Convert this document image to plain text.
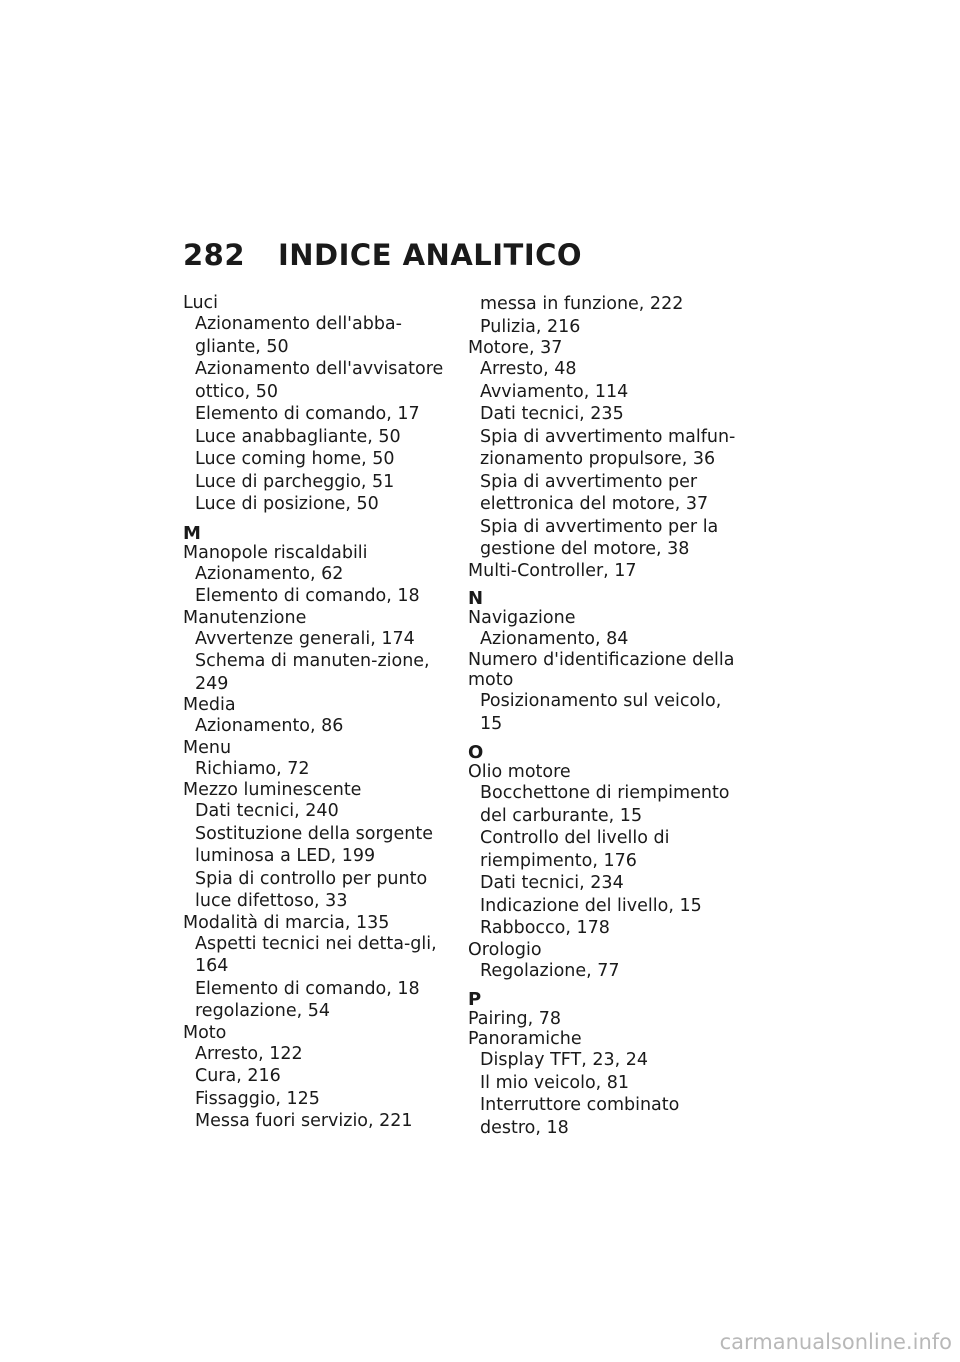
282	INDICE ANALITICO
Luci
Azionamento dell'abba-gliante, 50
Azionamento dell'avvisatore ottico, 50
Elemento di comando, 17
Luce anabbagliante, 50
Luce coming home, 50
Luce di parcheggio, 51
Luce di posizione, 50
M
Manopole riscaldabili
Azionamento, 62
Elemento di comando, 18
Manutenzione
Avvertenze generali, 174
Schema di manuten-zione, 249
Media
Azionamento, 86
Menu
Richiamo, 72
Mezzo luminescente
Dati tecnici, 240
Sostituzione della sorgente luminosa a LED, 199
Spia di controllo per punto luce difettoso, 33
Modalità di marcia, 135
Aspetti tecnici nei detta-gli, 164
Elemento di comando, 18
regolazione, 54
Moto
Arresto, 122
Cura, 216
Fissaggio, 125
Messa fuori servizio, 221
messa in funzione, 222
Pulizia, 216
Motore, 37
Arresto, 48
Avviamento, 114
Dati tecnici, 235
Spia di avvertimento malfun-zionamento propulsore, 36
Spia di avvertimento per elettronica del motore, 37
Spia di avvertimento per la gestione del motore, 38
Multi-Controller, 17
N
Navigazione
Azionamento, 84
Numero d'identificazione della moto
Posizionamento sul veicolo, 15
O
Olio motore
Bocchettone di riempimento del carburante, 15
Controllo del livello di riempimento, 176
Dati tecnici, 234
Indicazione del livello, 15
Rabbocco, 178
Orologio
Regolazione, 77
P
Pairing, 78
Panoramiche
Display TFT, 23, 24
Il mio veicolo, 81
Interruttore combinato destro, 18
carmanualsonline.info
